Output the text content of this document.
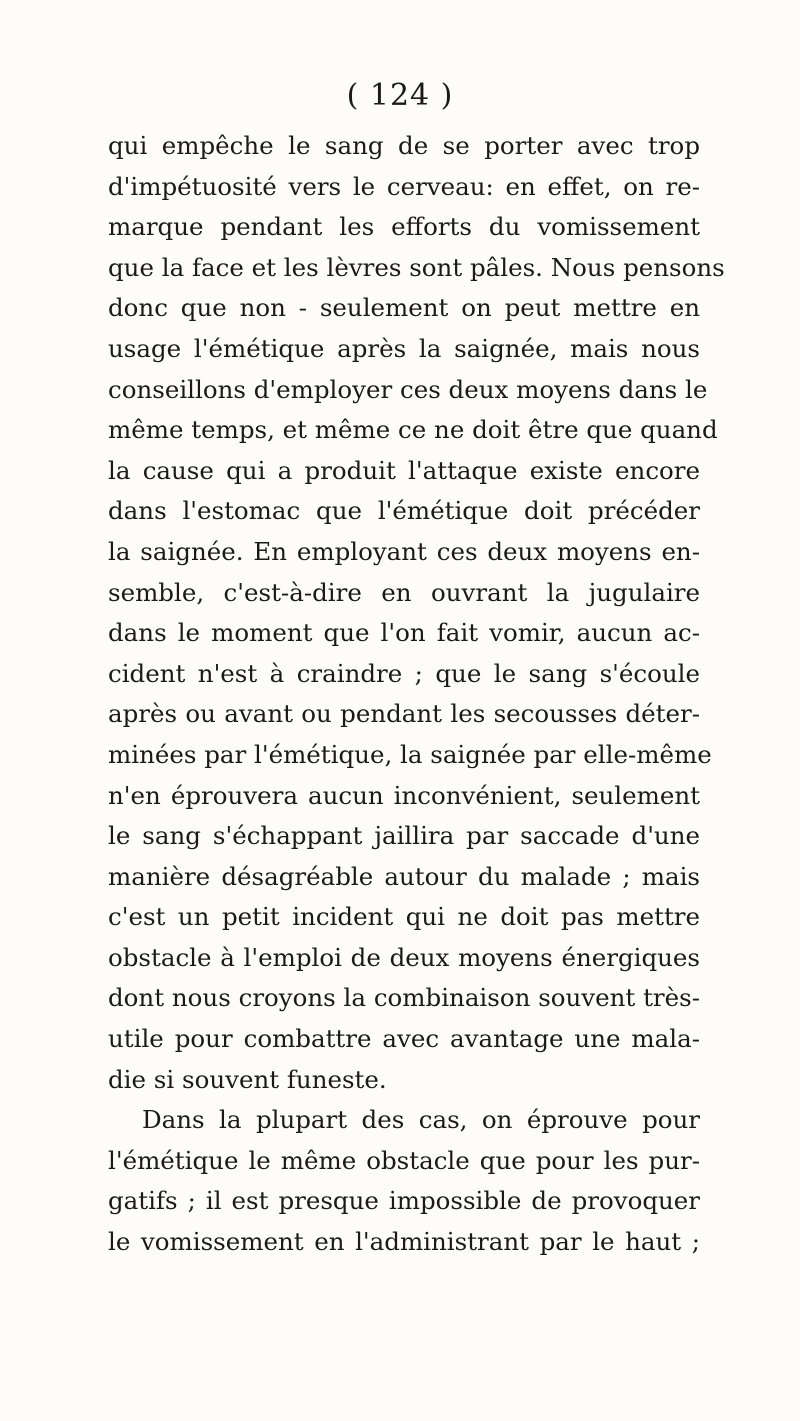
( 124 )
qui empêche le sang de se porter avec trop
d'impétuosité vers le cerveau: en effet, on re-
marque pendant les efforts du vomissement
que la face et les lèvres sont pâles. Nous pensons
donc que non - seulement on peut mettre en
usage l'émétique après la saignée, mais nous
conseillons d'employer ces deux moyens dans le
même temps, et même ce ne doit être que quand
la cause qui a produit l'attaque existe encore
dans l'estomac que l'émétique doit précéder
la saignée. En employant ces deux moyens en-
semble, c'est-à-dire en ouvrant la jugulaire
dans le moment que l'on fait vomir, aucun ac-
cident n'est à craindre ; que le sang s'écoule
après ou avant ou pendant les secousses déter-
minées par l'émétique, la saignée par elle-même
n'en éprouvera aucun inconvénient, seulement
le sang s'échappant jaillira par saccade d'une
manière désagréable autour du malade ; mais
c'est un petit incident qui ne doit pas mettre
obstacle à l'emploi de deux moyens énergiques
dont nous croyons la combinaison souvent très-
utile pour combattre avec avantage une mala-
die si souvent funeste.
Dans la plupart des cas, on éprouve pour
l'émétique le même obstacle que pour les pur-
gatifs ; il est presque impossible de provoquer
le vomissement en l'administrant par le haut ;
